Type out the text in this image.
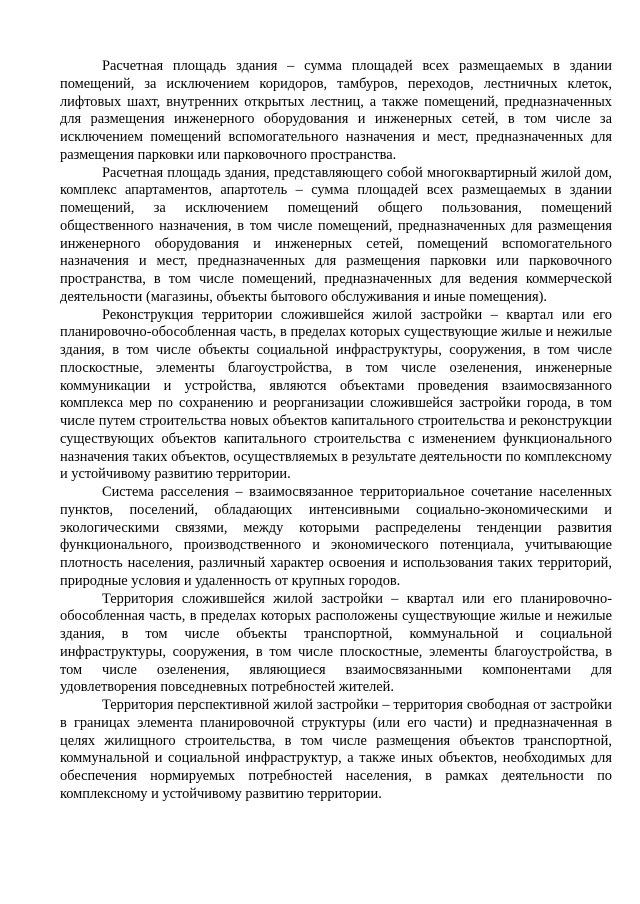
Расчетная площадь здания – сумма площадей всех размещаемых в здании помещений, за исключением коридоров, тамбуров, переходов, лестничных клеток, лифтовых шахт, внутренних открытых лестниц, а также помещений, предназначенных для размещения инженерного оборудования и инженерных сетей, в том числе за исключением помещений вспомогательного назначения и мест, предназначенных для размещения парковки или парковочного пространства.

Расчетная площадь здания, представляющего собой многоквартирный жилой дом, комплекс апартаментов, апартотель – сумма площадей всех размещаемых в здании помещений, за исключением помещений общего пользования, помещений общественного назначения, в том числе помещений, предназначенных для размещения инженерного оборудования и инженерных сетей, помещений вспомогательного назначения и мест, предназначенных для размещения парковки или парковочного пространства, в том числе помещений, предназначенных для ведения коммерческой деятельности (магазины, объекты бытового обслуживания и иные помещения).

Реконструкция территории сложившейся жилой застройки – квартал или его планировочно-обособленная часть, в пределах которых существующие жилые и нежилые здания, в том числе объекты социальной инфраструктуры, сооружения, в том числе плоскостные, элементы благоустройства, в том числе озеленения, инженерные коммуникации и устройства, являются объектами проведения взаимосвязанного комплекса мер по сохранению и реорганизации сложившейся застройки города, в том числе путем строительства новых объектов капитального строительства и реконструкции существующих объектов капитального строительства с изменением функционального назначения таких объектов, осуществляемых в результате деятельности по комплексному и устойчивому развитию территории.

Система расселения – взаимосвязанное территориальное сочетание населенных пунктов, поселений, обладающих интенсивными социально-экономическими и экологическими связями, между которыми распределены тенденции развития функционального, производственного и экономического потенциала, учитывающие плотность населения, различный характер освоения и использования таких территорий, природные условия и удаленность от крупных городов.

Территория сложившейся жилой застройки – квартал или его планировочно-обособленная часть, в пределах которых расположены существующие жилые и нежилые здания, в том числе объекты транспортной, коммунальной и социальной инфраструктуры, сооружения, в том числе плоскостные, элементы благоустройства, в том числе озеленения, являющиеся взаимосвязанными компонентами для удовлетворения повседневных потребностей жителей.

Территория перспективной жилой застройки – территория свободная от застройки в границах элемента планировочной структуры (или его части) и предназначенная в целях жилищного строительства, в том числе размещения объектов транспортной, коммунальной и социальной инфраструктур, а также иных объектов, необходимых для обеспечения нормируемых потребностей населения, в рамках деятельности по комплексному и устойчивому развитию территории.
